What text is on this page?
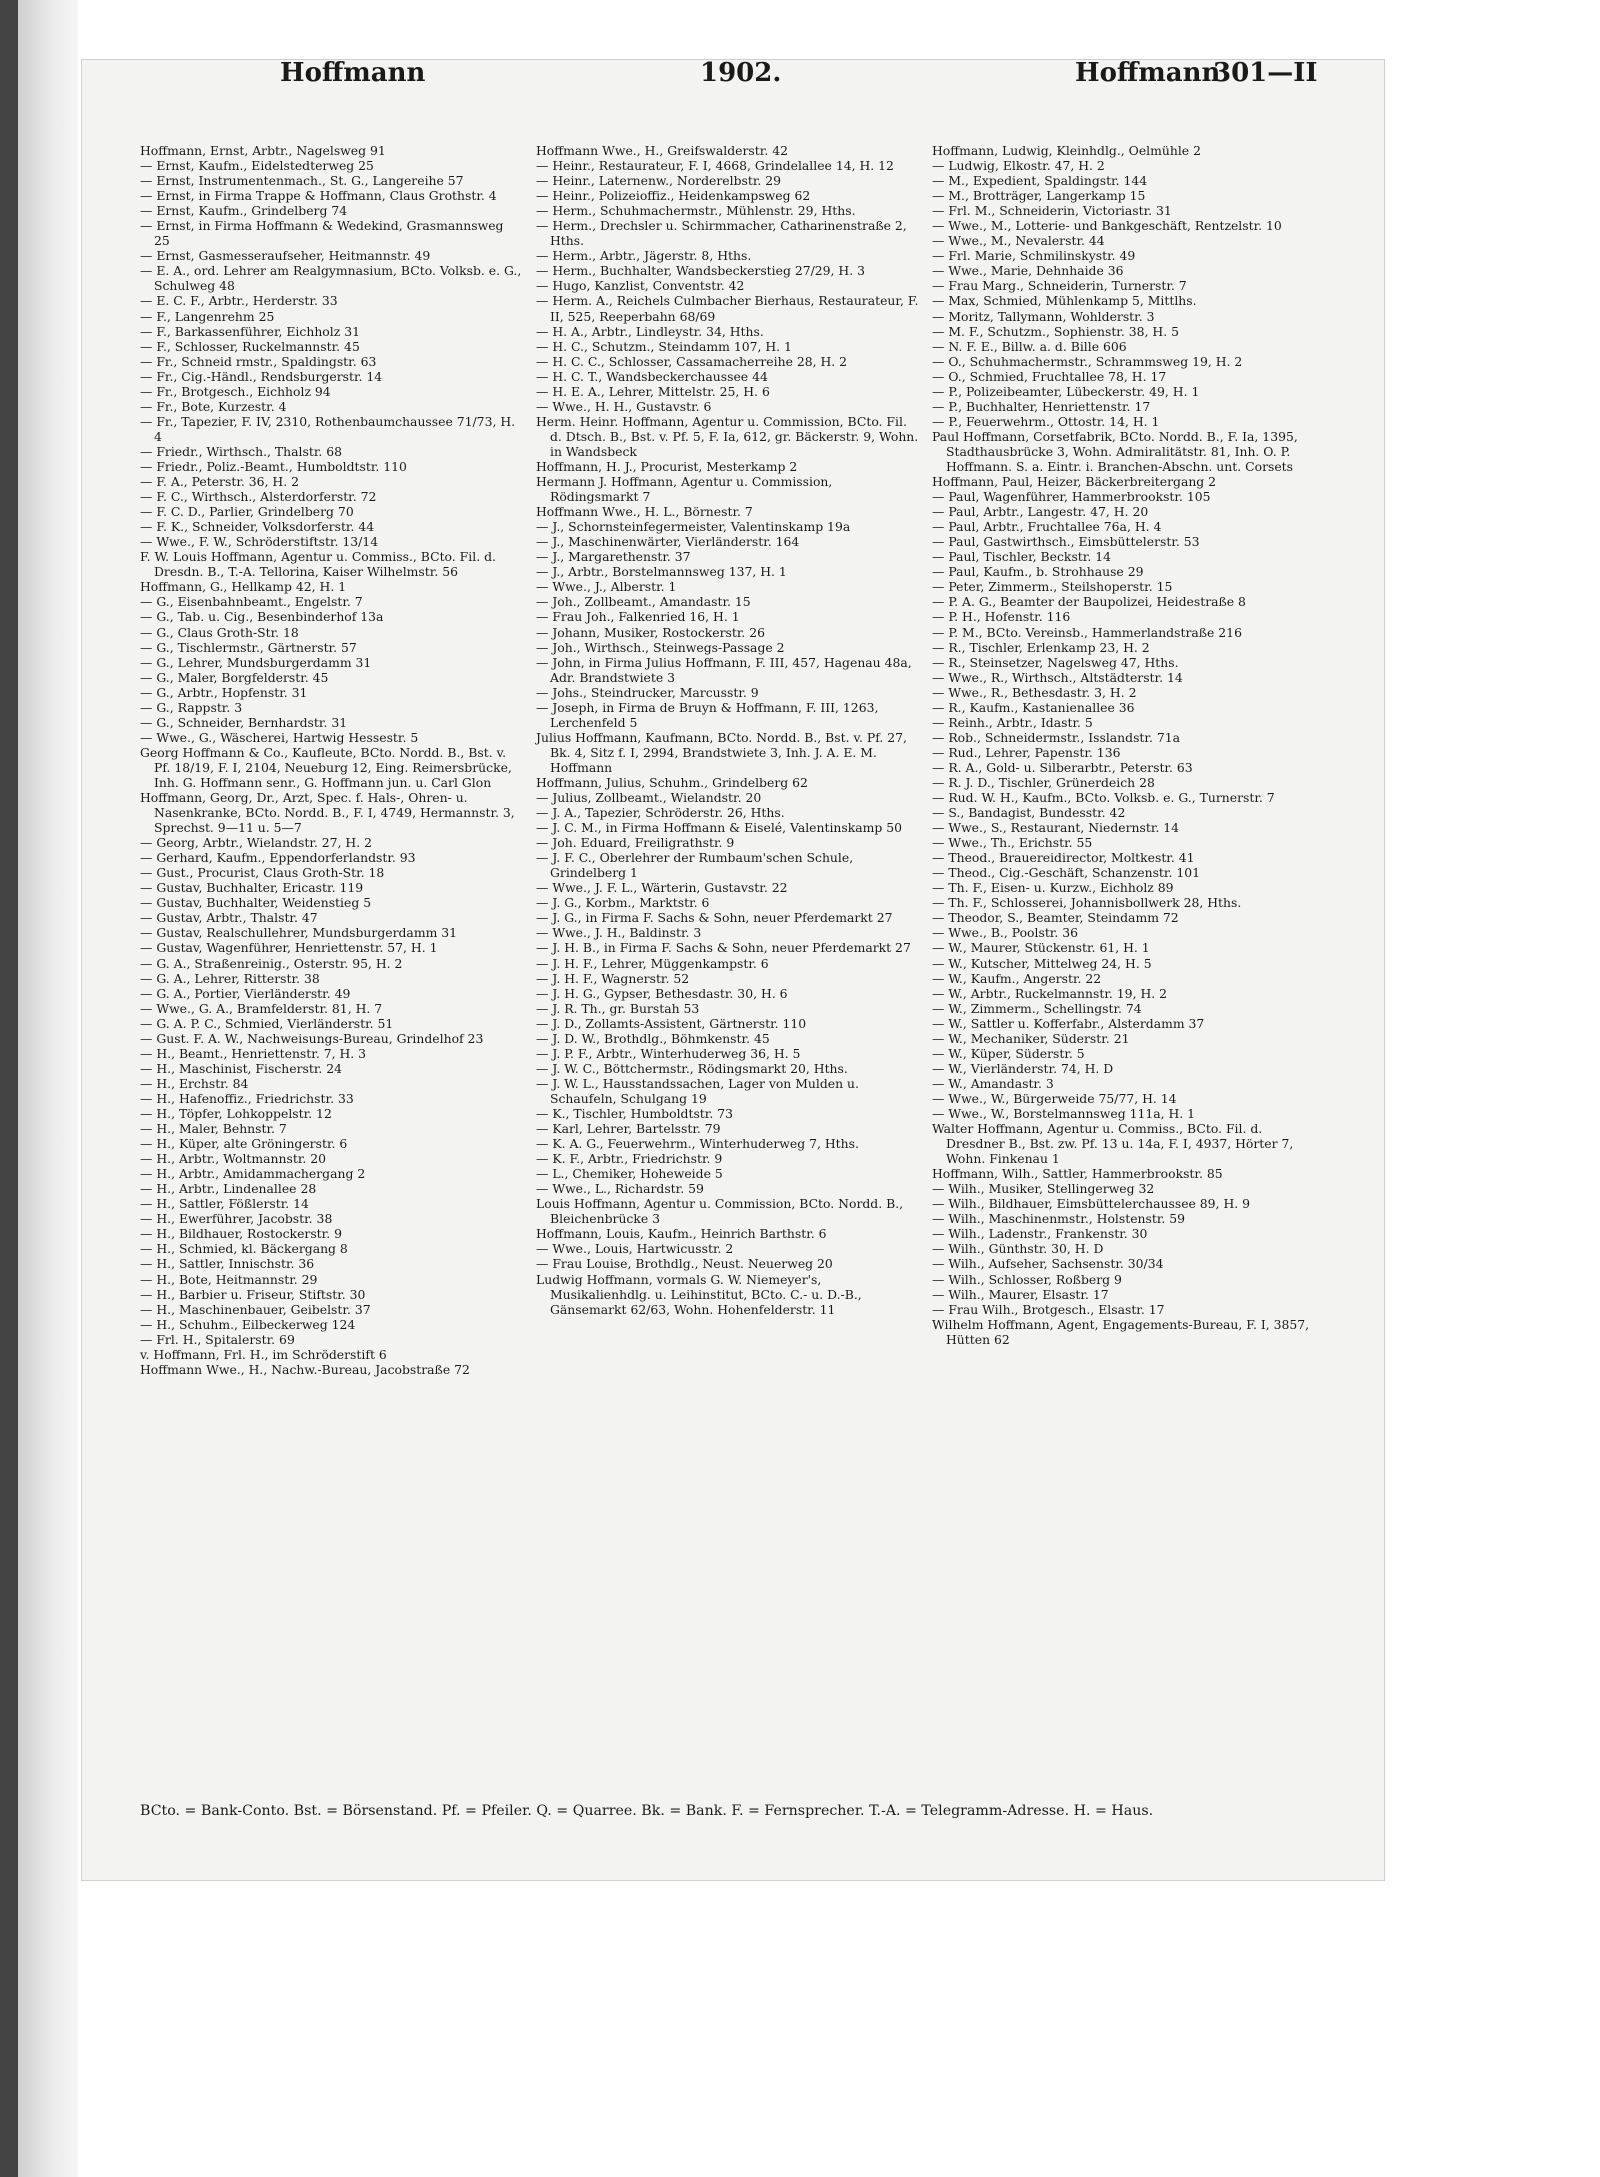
Hoffmann	1902.	Hoffmann
301—II
Hoffmann, Ernst, Arbtr., Nagelsweg 91
— Ernst, Kaufm., Eidelstedterweg 25
— Ernst, Instrumentenmach., St. G., Langereihe 57
— Ernst, in Firma Trappe & Hoffmann, Claus Grothstr. 4
— Ernst, Kaufm., Grindelberg 74
— Ernst, in Firma Hoffmann & Wedekind, Grasmannsweg 25
— Ernst, Gasmesseraufseher, Heitmannstr. 49
— E. A., ord. Lehrer am Realgymnasium, BCto. Volksb. e. G., Schulweg 48
— E. C. F., Arbtr., Herderstr. 33
— F., Langenrehm 25
— F., Barkassenführer, Eichholz 31
— F., Schlosser, Ruckelmannstr. 45
— Fr., Schneid rmstr., Spaldingstr. 63
— Fr., Cig.-Händl., Rendsburgerstr. 14
— Fr., Brotgesch., Eichholz 94
— Fr., Bote, Kurzestr. 4
— Fr., Tapezier, F. IV, 2310, Rothenbaumchaussee 71/73, H. 4
— Friedr., Wirthsch., Thalstr. 68
— Friedr., Poliz.-Beamt., Humboldtstr. 110
— F. A., Peterstr. 36, H. 2
— F. C., Wirthsch., Alsterdorferstr. 72
— F. C. D., Parlier, Grindelberg 70
— F. K., Schneider, Volksdorferstr. 44
— Wwe., F. W., Schröderstiftstr. 13/14
F. W. Louis Hoffmann, Agentur u. Commiss., BCto. Fil. d. Dresdn. B., T.-A. Tellorina, Kaiser Wilhelmstr. 56
Hoffmann, G., Hellkamp 42, H. 1
— G., Eisenbahnbeamt., Engelstr. 7
— G., Tab. u. Cig., Besenbinderhof 13a
— G., Claus Groth-Str. 18
— G., Tischlermstr., Gärtnerstr. 57
— G., Lehrer, Mundsburgerdamm 31
— G., Maler, Borgfelderstr. 45
— G., Arbtr., Hopfenstr. 31
— G., Rappstr. 3
— G., Schneider, Bernhardstr. 31
— Wwe., G., Wäscherei, Hartwig Hessestr. 5
Georg Hoffmann & Co., Kaufleute, BCto. Nordd. B., Bst. v. Pf. 18/19, F. I, 2104, Neueburg 12, Eing. Reimersbrücke, Inh. G. Hoffmann senr., G. Hoffmann jun. u. Carl Glon
Hoffmann, Georg, Dr., Arzt, Spec. f. Hals-, Ohren- u. Nasenkranke, BCto. Nordd. B., F. I, 4749, Hermannstr. 3, Sprechst. 9—11 u. 5—7
— Georg, Arbtr., Wielandstr. 27, H. 2
— Gerhard, Kaufm., Eppendorferlandstr. 93
— Gust., Procurist, Claus Groth-Str. 18
— Gustav, Buchhalter, Ericastr. 119
— Gustav, Buchhalter, Weidenstieg 5
— Gustav, Arbtr., Thalstr. 47
— Gustav, Realschullehrer, Mundsburgerdamm 31
— Gustav, Wagenführer, Henriettenstr. 57, H. 1
— G. A., Straßenreinig., Osterstr. 95, H. 2
— G. A., Lehrer, Ritterstr. 38
— G. A., Portier, Vierländerstr. 49
— Wwe., G. A., Bramfelderstr. 81, H. 7
— G. A. P. C., Schmied, Vierländerstr. 51
— Gust. F. A. W., Nachweisungs-Bureau, Grindelhof 23
— H., Beamt., Henriettenstr. 7, H. 3
— H., Maschinist, Fischerstr. 24
— H., Erchstr. 84
— H., Hafenoffiz., Friedrichstr. 33
— H., Töpfer, Lohkoppelstr. 12
— H., Maler, Behnstr. 7
— H., Küper, alte Gröningerstr. 6
— H., Arbtr., Woltmannstr. 20
— H., Arbtr., Amidammachergang 2
— H., Arbtr., Lindenallee 28
— H., Sattler, Fößlerstr. 14
— H., Ewerführer, Jacobstr. 38
— H., Bildhauer, Rostockerstr. 9
— H., Schmied, kl. Bäckergang 8
— H., Sattler, Innischstr. 36
— H., Bote, Heitmannstr. 29
— H., Barbier u. Friseur, Stiftstr. 30
— H., Maschinenbauer, Geibelstr. 37
— H., Schuhm., Eilbeckerweg 124
— Frl. H., Spitalerstr. 69
v. Hoffmann, Frl. H., im Schröderstift 6
Hoffmann Wwe., H., Nachw.-Bureau, Jacobstraße 72
Hoffmann Wwe., H., Greifswalderstr. 42
— Heinr., Restaurateur, F. I, 4668, Grindelallee 14, H. 12
— Heinr., Laternenw., Norderelbstr. 29
— Heinr., Polizeioffiz., Heidenkampsweg 62
— Herm., Schuhmachermstr., Mühlenstr. 29, Hths.
— Herm., Drechsler u. Schirmmacher, Catharinenstraße 2, Hths.
— Herm., Arbtr., Jägerstr. 8, Hths.
— Herm., Buchhalter, Wandsbeckerstieg 27/29, H. 3
— Hugo, Kanzlist, Conventstr. 42
— Herm. A., Reichels Culmbacher Bierhaus, Restaurateur, F. II, 525, Reeperbahn 68/69
— H. A., Arbtr., Lindleystr. 34, Hths.
— H. C., Schutzm., Steindamm 107, H. 1
— H. C. C., Schlosser, Cassamacherreihe 28, H. 2
— H. C. T., Wandsbeckerchaussee 44
— H. E. A., Lehrer, Mittelstr. 25, H. 6
— Wwe., H. H., Gustavstr. 6
Herm. Heinr. Hoffmann, Agentur u. Commission, BCto. Fil. d. Dtsch. B., Bst. v. Pf. 5, F. Ia, 612, gr. Bäckerstr. 9, Wohn. in Wandsbeck
Hoffmann, H. J., Procurist, Mesterkamp 2
Hermann J. Hoffmann, Agentur u. Commission, Rödingsmarkt 7
Hoffmann Wwe., H. L., Börnestr. 7
— J., Schornsteinfegermeister, Valentinskamp 19a
— J., Maschinenwärter, Vierländerstr. 164
— J., Margarethenstr. 37
— J., Arbtr., Borstelmannsweg 137, H. 1
— Wwe., J., Alberstr. 1
— Joh., Zollbeamt., Amandastr. 15
— Frau Joh., Falkenried 16, H. 1
— Johann, Musiker, Rostockerstr. 26
— Joh., Wirthsch., Steinwegs-Passage 2
— John, in Firma Julius Hoffmann, F. III, 457, Hagenau 48a, Adr. Brandstwiete 3
— Johs., Steindrucker, Marcusstr. 9
— Joseph, in Firma de Bruyn & Hoffmann, F. III, 1263, Lerchenfeld 5
Julius Hoffmann, Kaufmann, BCto. Nordd. B., Bst. v. Pf. 27, Bk. 4, Sitz f. I, 2994, Brandstwiete 3, Inh. J. A. E. M. Hoffmann
Hoffmann, Julius, Schuhm., Grindelberg 62
— Julius, Zollbeamt., Wielandstr. 20
— J. A., Tapezier, Schröderstr. 26, Hths.
— J. C. M., in Firma Hoffmann & Eiselé, Valentinskamp 50
— Joh. Eduard, Freiligrathstr. 9
— J. F. C., Oberlehrer der Rumbaum'schen Schule, Grindelberg 1
— Wwe., J. F. L., Wärterin, Gustavstr. 22
— J. G., Korbm., Marktstr. 6
— J. G., in Firma F. Sachs & Sohn, neuer Pferdemarkt 27
— Wwe., J. H., Baldinstr. 3
— J. H. B., in Firma F. Sachs & Sohn, neuer Pferdemarkt 27
— J. H. F., Lehrer, Müggenkampstr. 6
— J. H. F., Wagnerstr. 52
— J. H. G., Gypser, Bethesdastr. 30, H. 6
— J. R. Th., gr. Burstah 53
— J. D., Zollamts-Assistent, Gärtnerstr. 110
— J. D. W., Brothdlg., Böhmkenstr. 45
— J. P. F., Arbtr., Winterhuderweg 36, H. 5
— J. W. C., Böttchermstr., Rödingsmarkt 20, Hths.
— J. W. L., Hausstandssachen, Lager von Mulden u. Schaufeln, Schulgang 19
— K., Tischler, Humboldtstr. 73
— Karl, Lehrer, Bartelsstr. 79
— K. A. G., Feuerwehrm., Winterhuderweg 7, Hths.
— K. F., Arbtr., Friedrichstr. 9
— L., Chemiker, Hoheweide 5
— Wwe., L., Richardstr. 59
Louis Hoffmann, Agentur u. Commission, BCto. Nordd. B., Bleichenbrücke 3
Hoffmann, Louis, Kaufm., Heinrich Barthstr. 6
— Wwe., Louis, Hartwicusstr. 2
— Frau Louise, Brothdlg., Neust. Neuerweg 20
Ludwig Hoffmann, vormals G. W. Niemeyer's, Musikalienhdlg. u. Leihinstitut, BCto. C.- u. D.-B., Gänsemarkt 62/63, Wohn. Hohenfelderstr. 11
Hoffmann, Ludwig, Kleinhdlg., Oelmühle 2
— Ludwig, Elkostr. 47, H. 2
— M., Expedient, Spaldingstr. 144
— M., Brotträger, Langerkamp 15
— Frl. M., Schneiderin, Victoriastr. 31
— Wwe., M., Lotterie- und Bankgeschäft, Rentzelstr. 10
— Wwe., M., Nevalerstr. 44
— Frl. Marie, Schmilinskystr. 49
— Wwe., Marie, Dehnhaide 36
— Frau Marg., Schneiderin, Turnerstr. 7
— Max, Schmied, Mühlenkamp 5, Mittlhs.
— Moritz, Tallymann, Wohlderstr. 3
— M. F., Schutzm., Sophienstr. 38, H. 5
— N. F. E., Billw. a. d. Bille 606
— O., Schuhmachermstr., Schrammsweg 19, H. 2
— O., Schmied, Fruchtallee 78, H. 17
— P., Polizeibeamter, Lübeckerstr. 49, H. 1
— P., Buchhalter, Henriettenstr. 17
— P., Feuerwehrm., Ottostr. 14, H. 1
Paul Hoffmann, Corsetfabrik, BCto. Nordd. B., F. Ia, 1395, Stadthausbrücke 3, Wohn. Admiralitätstr. 81, Inh. O. P. Hoffmann. S. a. Eintr. i. Branchen-Abschn. unt. Corsets
Hoffmann, Paul, Heizer, Bäckerbreitergang 2
— Paul, Wagenführer, Hammerbrookstr. 105
— Paul, Arbtr., Langestr. 47, H. 20
— Paul, Arbtr., Fruchtallee 76a, H. 4
— Paul, Gastwirthsch., Eimsbüttelerstr. 53
— Paul, Tischler, Beckstr. 14
— Paul, Kaufm., b. Strohhause 29
— Peter, Zimmerm., Steilshoperstr. 15
— P. A. G., Beamter der Baupolizei, Heidestraße 8
— P. H., Hofenstr. 116
— P. M., BCto. Vereinsb., Hammerlandstraße 216
— R., Tischler, Erlenkamp 23, H. 2
— R., Steinsetzer, Nagelsweg 47, Hths.
— Wwe., R., Wirthsch., Altstädterstr. 14
— Wwe., R., Bethesdastr. 3, H. 2
— R., Kaufm., Kastanienallee 36
— Reinh., Arbtr., Idastr. 5
— Rob., Schneidermstr., Isslandstr. 71a
— Rud., Lehrer, Papenstr. 136
— R. A., Gold- u. Silberarbtr., Peterstr. 63
— R. J. D., Tischler, Grünerdeich 28
— Rud. W. H., Kaufm., BCto. Volksb. e. G., Turnerstr. 7
— S., Bandagist, Bundesstr. 42
— Wwe., S., Restaurant, Niedernstr. 14
— Wwe., Th., Erichstr. 55
— Theod., Brauereidirector, Moltkestr. 41
— Theod., Cig.-Geschäft, Schanzenstr. 101
— Th. F., Eisen- u. Kurzw., Eichholz 89
— Th. F., Schlosserei, Johannisbollwerk 28, Hths.
— Theodor, S., Beamter, Steindamm 72
— Wwe., B., Poolstr. 36
— W., Maurer, Stückenstr. 61, H. 1
— W., Kutscher, Mittelweg 24, H. 5
— W., Kaufm., Angerstr. 22
— W., Arbtr., Ruckelmannstr. 19, H. 2
— W., Zimmerm., Schellingstr. 74
— W., Sattler u. Kofferfabr., Alsterdamm 37
— W., Mechaniker, Süderstr. 21
— W., Küper, Süderstr. 5
— W., Vierländerstr. 74, H. D
— W., Amandastr. 3
— Wwe., W., Bürgerweide 75/77, H. 14
— Wwe., W., Borstelmannsweg 111a, H. 1
Walter Hoffmann, Agentur u. Commiss., BCto. Fil. d. Dresdner B., Bst. zw. Pf. 13 u. 14a, F. I, 4937, Hörter 7, Wohn. Finkenau 1
Hoffmann, Wilh., Sattler, Hammerbrookstr. 85
— Wilh., Musiker, Stellingerweg 32
— Wilh., Bildhauer, Eimsbüttelerchaussee 89, H. 9
— Wilh., Maschinenmstr., Holstenstr. 59
— Wilh., Ladenstr., Frankenstr. 30
— Wilh., Günthstr. 30, H. D
— Wilh., Aufseher, Sachsenstr. 30/34
— Wilh., Schlosser, Roßberg 9
— Wilh., Maurer, Elsastr. 17
— Frau Wilh., Brotgesch., Elsastr. 17
Wilhelm Hoffmann, Agent, Engagements-Bureau, F. I, 3857, Hütten 62
BCto. = Bank-Conto. Bst. = Börsenstand. Pf. = Pfeiler. Q. = Quarree. Bk. = Bank. F. = Fernsprecher. T.-A. = Telegramm-Adresse. H. = Haus.
